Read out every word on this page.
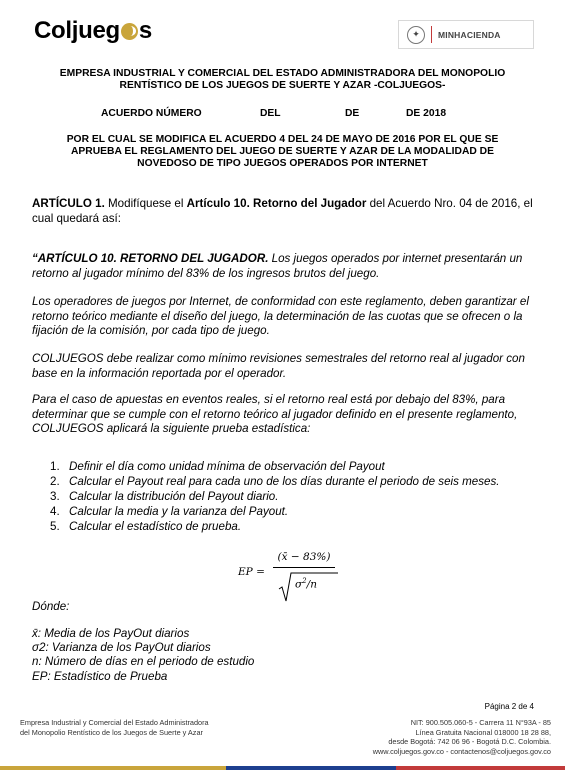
Coljueg s	✦	MINHACIENDA
EMPRESA INDUSTRIAL Y COMERCIAL DEL ESTADO ADMINISTRADORA DEL MONOPOLIO
RENTÍSTICO DE LOS JUEGOS DE SUERTE Y AZAR -COLJUEGOS-
ACUERDO NÚMERO	DEL	DE	DE 2018
POR EL CUAL SE MODIFICA EL ACUERDO 4 DEL 24 DE MAYO DE 2016 POR EL QUE SE
APRUEBA EL REGLAMENTO DEL JUEGO DE SUERTE Y AZAR DE LA MODALIDAD DE
NOVEDOSO DE TIPO JUEGOS OPERADOS POR INTERNET
ARTÍCULO 1. Modifíquese el Artículo 10. Retorno del Jugador del Acuerdo Nro. 04 de 2016, el cual quedará así:
“ARTÍCULO 10. RETORNO DEL JUGADOR. Los juegos operados por internet presentarán un retorno al jugador mínimo del 83% de los ingresos brutos del juego.
Los operadores de juegos por Internet, de conformidad con este reglamento, deben garantizar el retorno teórico mediante el diseño del juego, la determinación de las cuotas que se ofrecen o la fijación de la comisión, por cada tipo de juego.
COLJUEGOS debe realizar como mínimo revisiones semestrales del retorno real al jugador con base en la información reportada por el operador.
Para el caso de apuestas en eventos reales, si el retorno real está por debajo del 83%, para determinar que se cumple con el retorno teórico al jugador definido en el presente reglamento, COLJUEGOS aplicará la siguiente prueba estadística:
1. Definir el día como unidad mínima de observación del Payout
2. Calcular el Payout real para cada uno de los días durante el periodo de seis meses.
3. Calcular la distribución del Payout diario.
4. Calcular la media y la varianza del Payout.
5. Calcular el estadístico de prueba.
EP =
(x̄ − 83%)
$\sigma^2/n$
Dónde:
x̄: Media de los PayOut diarios
σ2: Varianza de los PayOut diarios
n: Número de días en el periodo de estudio
EP: Estadístico de Prueba
Página 2 de 4
Empresa Industrial y Comercial del Estado Administradora
del Monopolio Rentístico de los Juegos de Suerte y Azar
NIT: 900.505.060-5 - Carrera 11 N°93A - 85
Línea Gratuita Nacional 018000 18 28 88,
desde Bogotá: 742 06 96 - Bogotá D.C. Colombia.
www.coljuegos.gov.co - contactenos@coljuegos.gov.co
